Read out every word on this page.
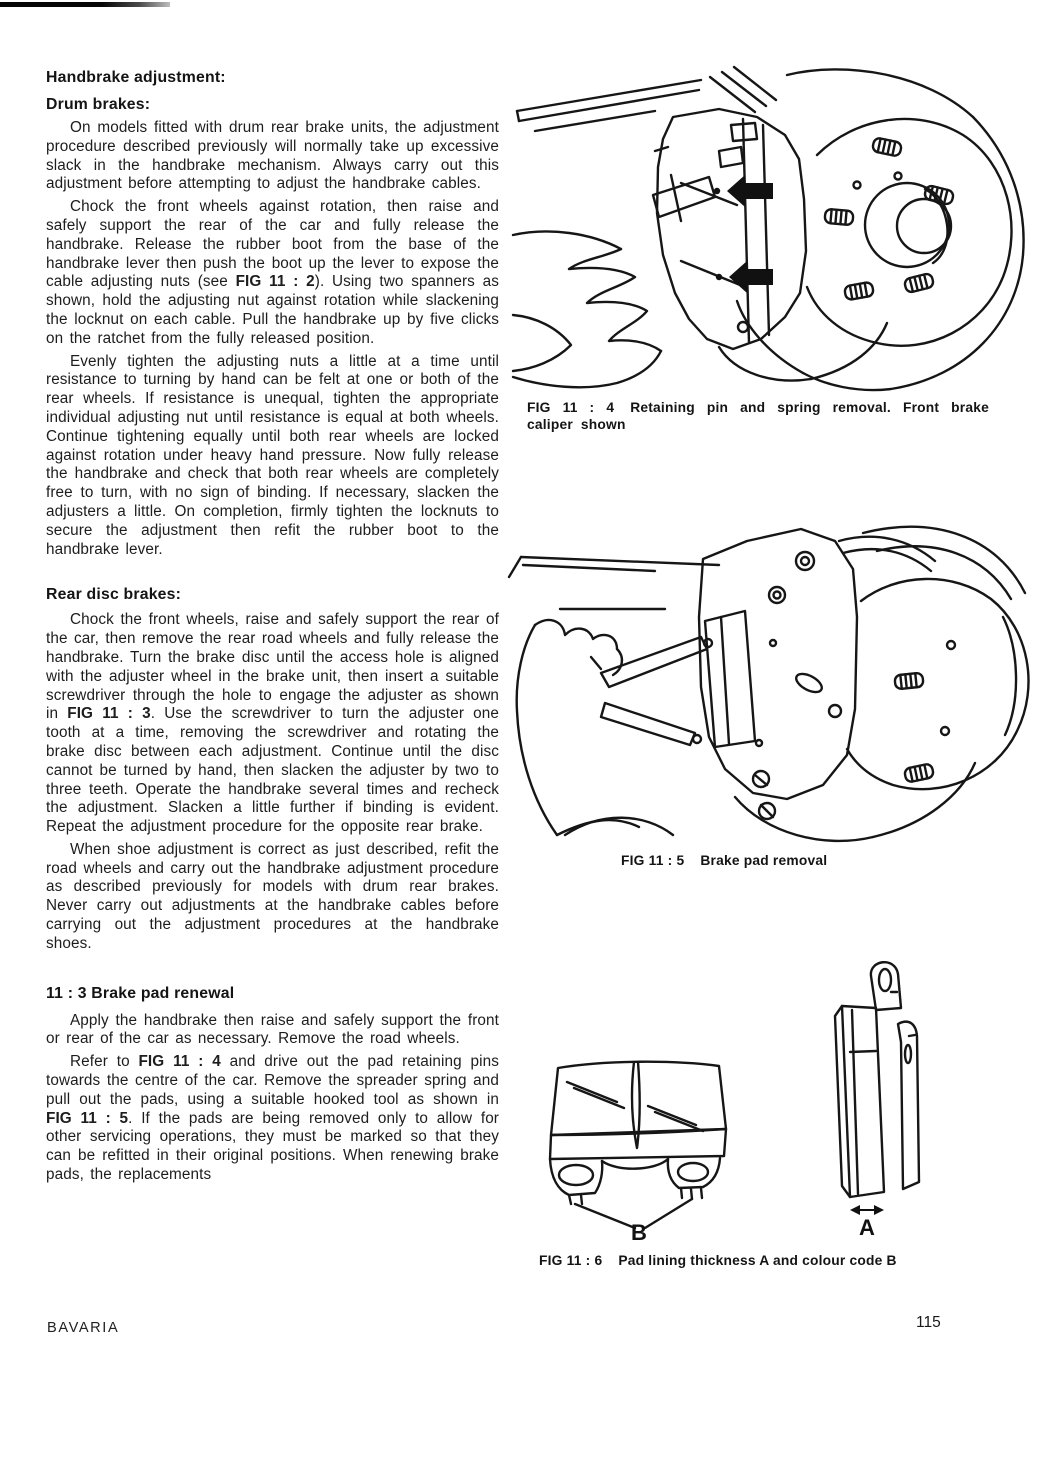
Handbrake adjustment:
Drum brakes:

On models fitted with drum rear brake units, the adjustment procedure described previously will normally take up excessive slack in the handbrake mechanism. Always carry out this adjustment before attempting to adjust the handbrake cables.

Chock the front wheels against rotation, then raise and safely support the rear of the car and fully release the handbrake. Release the rubber boot from the base of the handbrake lever then push the boot up the lever to expose the cable adjusting nuts (see FIG 11 : 2). Using two spanners as shown, hold the adjusting nut against rotation while slackening the locknut on each cable. Pull the handbrake up by five clicks on the ratchet from the fully released position.

Evenly tighten the adjusting nuts a little at a time until resistance to turning by hand can be felt at one or both of the rear wheels. If resistance is unequal, tighten the appropriate individual adjusting nut until resistance is equal at both wheels. Continue tightening equally until both rear wheels are locked against rotation under heavy hand pressure. Now fully release the handbrake and check that both rear wheels are completely free to turn, with no sign of binding. If necessary, slacken the adjusters a little. On completion, firmly tighten the locknuts to secure the adjustment then refit the rubber boot to the handbrake lever.

Rear disc brakes:

Chock the front wheels, raise and safely support the rear of the car, then remove the rear road wheels and fully release the handbrake. Turn the brake disc until the access hole is aligned with the adjuster wheel in the brake unit, then insert a suitable screwdriver through the hole to engage the adjuster as shown in FIG 11 : 3. Use the screwdriver to turn the adjuster one tooth at a time, removing the screwdriver and rotating the brake disc between each adjustment. Continue until the disc cannot be turned by hand, then slacken the adjuster by two to three teeth. Operate the handbrake several times and recheck the adjustment. Slacken a little further if binding is evident. Repeat the adjustment procedure for the opposite rear brake.

When shoe adjustment is correct as just described, refit the road wheels and carry out the handbrake adjustment procedure as described previously for models with drum rear brakes. Never carry out adjustments at the handbrake cables before carrying out the adjustment procedures at the handbrake shoes.

11 : 3 Brake pad renewal

Apply the handbrake then raise and safely support the front or rear of the car as necessary. Remove the road wheels.

Refer to FIG 11 : 4 and drive out the pad retaining pins towards the centre of the car. Remove the spreader spring and pull out the pads, using a suitable hooked tool as shown in FIG 11 : 5. If the pads are being removed only to allow for other servicing operations, they must be marked so that they can be refitted in their original positions. When renewing brake pads, the replacements

FIG 11 : 4 Retaining pin and spring removal. Front brake caliper shown

FIG 11 : 5 Brake pad removal

B	A

FIG 11 : 6 Pad lining thickness A and colour code B

BAVARIA	115
